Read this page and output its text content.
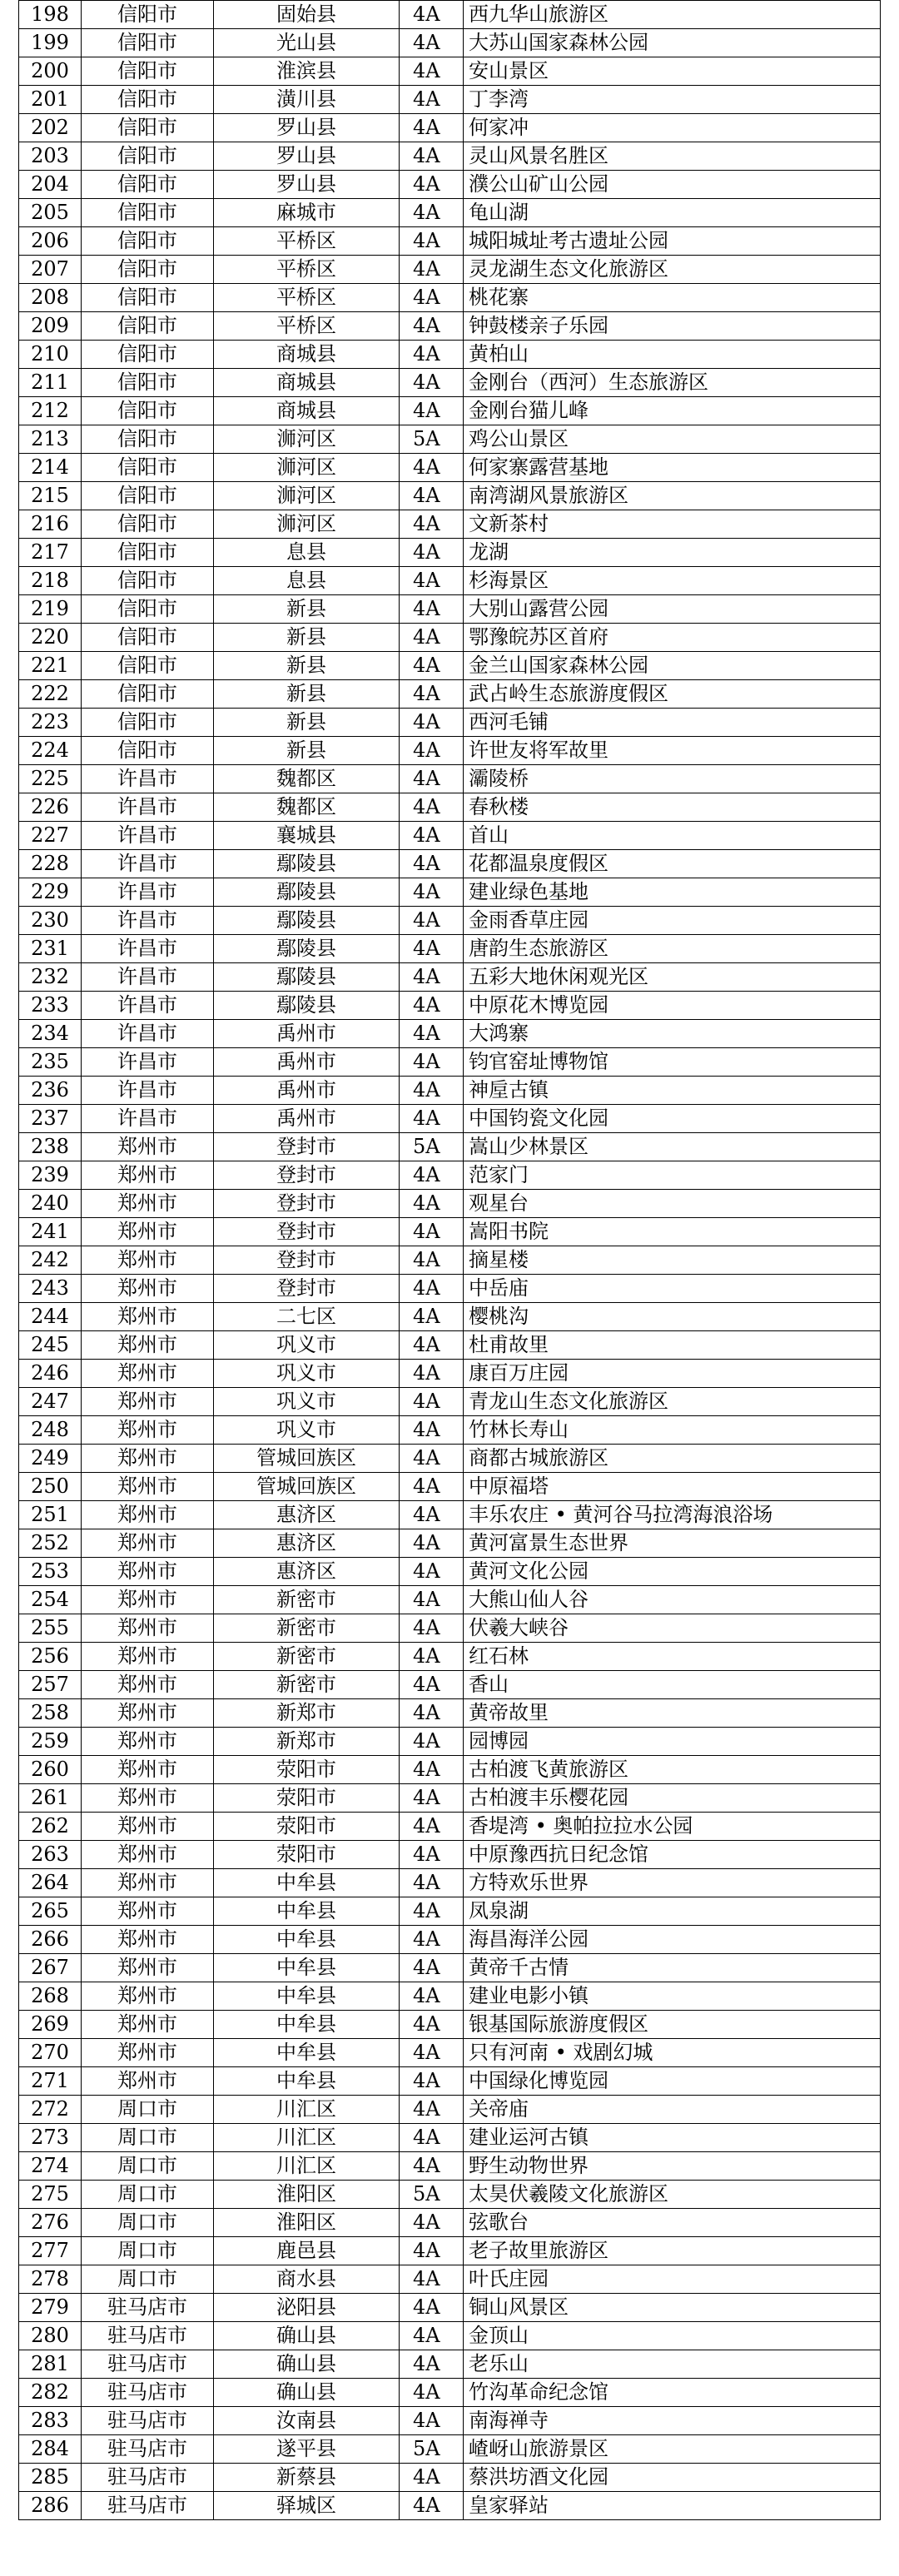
198	信阳市	固始县	4A	西九华山旅游区
199	信阳市	光山县	4A	大苏山国家森林公园
200	信阳市	淮滨县	4A	安山景区
201	信阳市	潢川县	4A	丁李湾
202	信阳市	罗山县	4A	何家冲
203	信阳市	罗山县	4A	灵山风景名胜区
204	信阳市	罗山县	4A	濮公山矿山公园
205	信阳市	麻城市	4A	龟山湖
206	信阳市	平桥区	4A	城阳城址考古遗址公园
207	信阳市	平桥区	4A	灵龙湖生态文化旅游区
208	信阳市	平桥区	4A	桃花寨
209	信阳市	平桥区	4A	钟鼓楼亲子乐园
210	信阳市	商城县	4A	黄柏山
211	信阳市	商城县	4A	金刚台（西河）生态旅游区
212	信阳市	商城县	4A	金刚台猫儿峰
213	信阳市	浉河区	5A	鸡公山景区
214	信阳市	浉河区	4A	何家寨露营基地
215	信阳市	浉河区	4A	南湾湖风景旅游区
216	信阳市	浉河区	4A	文新茶村
217	信阳市	息县	4A	龙湖
218	信阳市	息县	4A	杉海景区
219	信阳市	新县	4A	大别山露营公园
220	信阳市	新县	4A	鄂豫皖苏区首府
221	信阳市	新县	4A	金兰山国家森林公园
222	信阳市	新县	4A	武占岭生态旅游度假区
223	信阳市	新县	4A	西河毛铺
224	信阳市	新县	4A	许世友将军故里
225	许昌市	魏都区	4A	灞陵桥
226	许昌市	魏都区	4A	春秋楼
227	许昌市	襄城县	4A	首山
228	许昌市	鄢陵县	4A	花都温泉度假区
229	许昌市	鄢陵县	4A	建业绿色基地
230	许昌市	鄢陵县	4A	金雨香草庄园
231	许昌市	鄢陵县	4A	唐韵生态旅游区
232	许昌市	鄢陵县	4A	五彩大地休闲观光区
233	许昌市	鄢陵县	4A	中原花木博览园
234	许昌市	禹州市	4A	大鸿寨
235	许昌市	禹州市	4A	钧官窑址博物馆
236	许昌市	禹州市	4A	神垕古镇
237	许昌市	禹州市	4A	中国钧瓷文化园
238	郑州市	登封市	5A	嵩山少林景区
239	郑州市	登封市	4A	范家门
240	郑州市	登封市	4A	观星台
241	郑州市	登封市	4A	嵩阳书院
242	郑州市	登封市	4A	摘星楼
243	郑州市	登封市	4A	中岳庙
244	郑州市	二七区	4A	樱桃沟
245	郑州市	巩义市	4A	杜甫故里
246	郑州市	巩义市	4A	康百万庄园
247	郑州市	巩义市	4A	青龙山生态文化旅游区
248	郑州市	巩义市	4A	竹林长寿山
249	郑州市	管城回族区	4A	商都古城旅游区
250	郑州市	管城回族区	4A	中原福塔
251	郑州市	惠济区	4A	丰乐农庄 • 黄河谷马拉湾海浪浴场
252	郑州市	惠济区	4A	黄河富景生态世界
253	郑州市	惠济区	4A	黄河文化公园
254	郑州市	新密市	4A	大熊山仙人谷
255	郑州市	新密市	4A	伏羲大峡谷
256	郑州市	新密市	4A	红石林
257	郑州市	新密市	4A	香山
258	郑州市	新郑市	4A	黄帝故里
259	郑州市	新郑市	4A	园博园
260	郑州市	荥阳市	4A	古柏渡飞黄旅游区
261	郑州市	荥阳市	4A	古柏渡丰乐樱花园
262	郑州市	荥阳市	4A	香堤湾 • 奥帕拉拉水公园
263	郑州市	荥阳市	4A	中原豫西抗日纪念馆
264	郑州市	中牟县	4A	方特欢乐世界
265	郑州市	中牟县	4A	凤泉湖
266	郑州市	中牟县	4A	海昌海洋公园
267	郑州市	中牟县	4A	黄帝千古情
268	郑州市	中牟县	4A	建业电影小镇
269	郑州市	中牟县	4A	银基国际旅游度假区
270	郑州市	中牟县	4A	只有河南 • 戏剧幻城
271	郑州市	中牟县	4A	中国绿化博览园
272	周口市	川汇区	4A	关帝庙
273	周口市	川汇区	4A	建业运河古镇
274	周口市	川汇区	4A	野生动物世界
275	周口市	淮阳区	5A	太昊伏羲陵文化旅游区
276	周口市	淮阳区	4A	弦歌台
277	周口市	鹿邑县	4A	老子故里旅游区
278	周口市	商水县	4A	叶氏庄园
279	驻马店市	泌阳县	4A	铜山风景区
280	驻马店市	确山县	4A	金顶山
281	驻马店市	确山县	4A	老乐山
282	驻马店市	确山县	4A	竹沟革命纪念馆
283	驻马店市	汝南县	4A	南海禅寺
284	驻马店市	遂平县	5A	嵖岈山旅游景区
285	驻马店市	新蔡县	4A	蔡洪坊酒文化园
286	驻马店市	驿城区	4A	皇家驿站
